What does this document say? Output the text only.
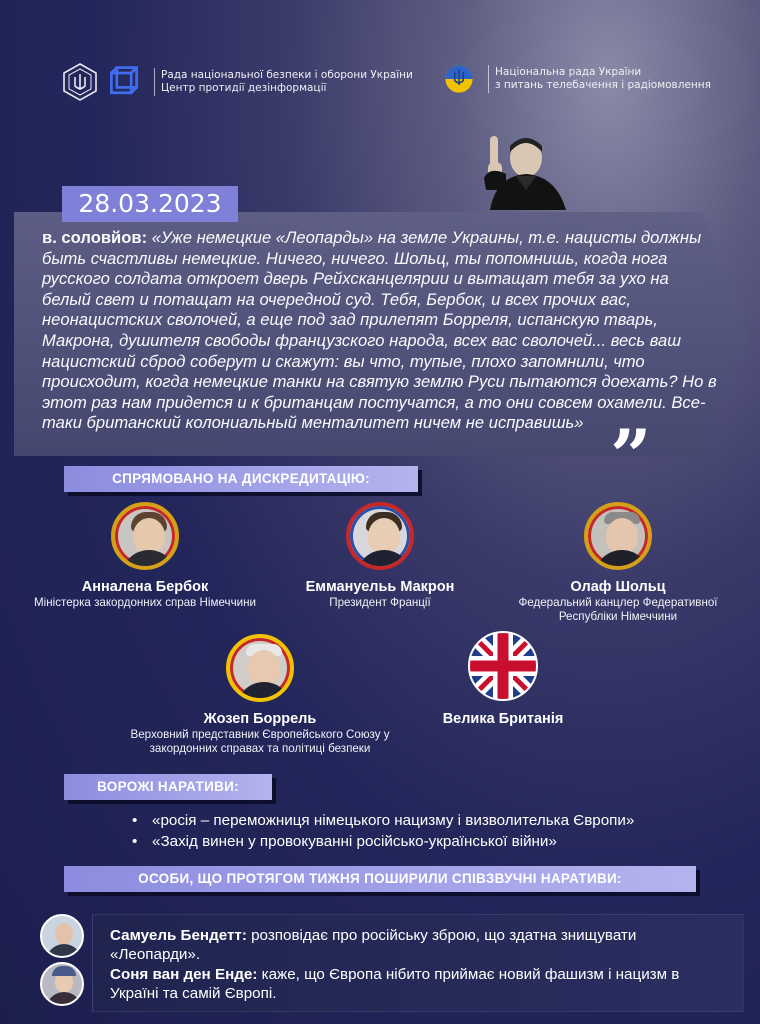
Рада національної безпеки і оборони України
Центр протидії дезінформації
Національна рада України
з питань телебачення і радіомовлення
28.03.2023
в. соловйов: «Уже немецкие «Леопарды» на земле Украины, т.е. нацисты должны быть счастливы немецкие. Ничего, ничего. Шольц, ты попомнишь, когда нога русского солдата откроет дверь Рейхсканцелярии и вытащат тебя за ухо на белый свет и потащат на очередной суд. Тебя, Бербок, и всех прочих вас, неонацистских сволочей, а еще под зад прилепят Борреля, испанскую тварь, Макрона, душителя свободы французского народа, всех вас сволочей... весь ваш нацистский сброд соберут и скажут: вы что, тупые, плохо запомнили, что происходит, когда немецкие танки на святую землю Руси пытаются доехать? Но в этот раз нам придется и к британцам постучатся, а то они совсем охамели. Все-таки британский колониальный менталитет ничем не исправишь» ”
СПРЯМОВАНО НА ДИСКРЕДИТАЦІЮ:
Анналена Бербок
Міністерка закордонних справ Німеччини
Еммануельь Макрон
Президент Франції
Олаф Шольц
Федеральний канцлер Федеративної
Республіки Німеччини
Жозеп Боррель
Верховний представник Європейського Союзу у
закордонних справах та політиці безпеки
Велика Британія
ВОРОЖІ НАРАТИВИ:
• «росія – переможниця німецького нацизму і визволителька Європи»
• «Захід винен у провокуванні російсько-української війни»
ОСОБИ, ЩО ПРОТЯГОМ ТИЖНЯ ПОШИРИЛИ СПІВЗВУЧНІ НАРАТИВИ:
Самуель Бендетт: розповідає про російську зброю, що здатна знищувати
«Леопарди».
Соня ван ден Енде: каже, що Європа нібито приймає новий фашизм і нацизм в
Україні та самій Європі.
